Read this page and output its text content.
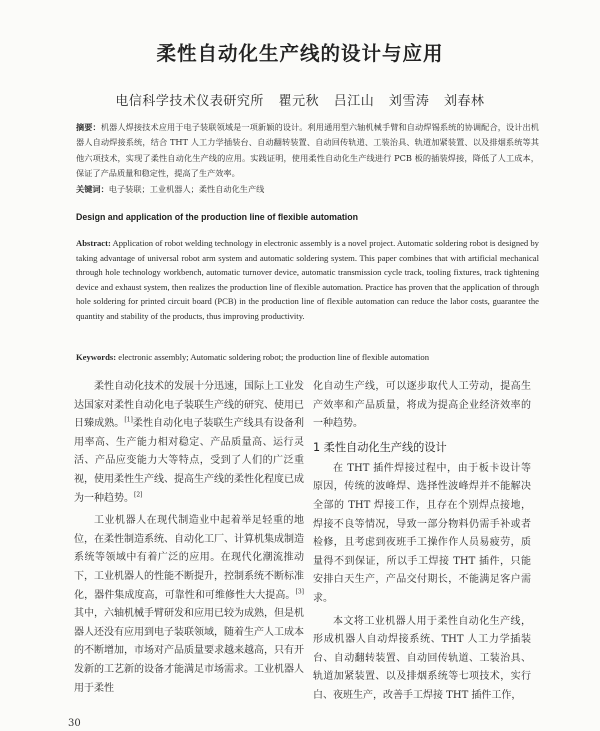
柔性自动化生产线的设计与应用
电信科学技术仪表研究所 瞿元秋 吕江山 刘雪涛 刘春林
摘要：机器人焊接技术应用于电子装联领域是一项新颖的设计。利用通用型六轴机械手臂和自动焊锡系统的协调配合，设计出机器人自动焊接系统，结合 THT 人工力学插装台、自动翻转装置、自动回传轨道、工装治具、轨道加紧装置、以及排烟系统等其他六项技术，实现了柔性自动化生产线的应用。实践证明，使用柔性自动化生产线进行 PCB 板的插装焊接，降低了人工成本，保证了产品质量和稳定性，提高了生产效率。
关键词：电子装联；工业机器人；柔性自动化生产线
Design and application of the production line of flexible automation
Abstract: Application of robot welding technology in electronic assembly is a novel project. Automatic soldering robot is designed by taking advantage of universal robot arm system and automatic soldering system. This paper combines that with artificial mechanical through hole technology workbench, automatic turnover device, automatic transmission cycle track, tooling fixtures, track tightening device and exhaust system, then realizes the production line of flexible automation. Practice has proven that the application of through hole soldering for printed circuit board (PCB) in the production line of flexible automation can reduce the labor costs, guarantee the quantity and stability of the products, thus improving productivity.
Keywords: electronic assembly; Automatic soldering robot; the production line of flexible automation

柔性自动化技术的发展十分迅速，国际上工业发达国家对柔性自动化电子装联生产线的研究、使用已日臻成熟。[1]柔性自动化电子装联生产线具有设备利用率高、生产能力相对稳定、产品质量高、运行灵活、产品应变能力大等特点，受到了人们的广泛重视，使用柔性生产线、提高生产线的柔性化程度已成为一种趋势。[2]

工业机器人在现代制造业中起着举足轻重的地位，在柔性制造系统、自动化工厂、计算机集成制造系统等领域中有着广泛的应用。在现代化潮流推动下，工业机器人的性能不断提升，控制系统不断标准化，器件集成度高，可靠性和可维修性大大提高。[3]其中，六轴机械手臂研发和应用已较为成熟，但是机器人还没有应用到电子装联领域，随着生产人工成本的不断增加，市场对产品质量要求越来越高，只有开发新的工艺新的设备才能满足市场需求。工业机器人用于柔性

化自动生产线，可以逐步取代人工劳动，提高生产效率和产品质量，将成为提高企业经济效率的一种趋势。

1 柔性自动化生产线的设计

在 THT 插件焊接过程中，由于板卡设计等原因，传统的波峰焊、选择性波峰焊并不能解决全部的 THT 焊接工作，且存在个别焊点接地，焊接不良等情况，导致一部分物料仍需手补或者检修，且考虑到夜班手工操作作人员易疲劳，质量得不到保证，所以手工焊接 THT 插件，只能安排白天生产，产品交付期长，不能满足客户需求。

本文将工业机器人用于柔性自动化生产线，形成机器人自动焊接系统、THT 人工力学插装台、自动翻转装置、自动回传轨道、工装治具、轨道加紧装置、以及排烟系统等七项技术，实行白、夜班生产，改善手工焊接 THT 插件工作，

30
